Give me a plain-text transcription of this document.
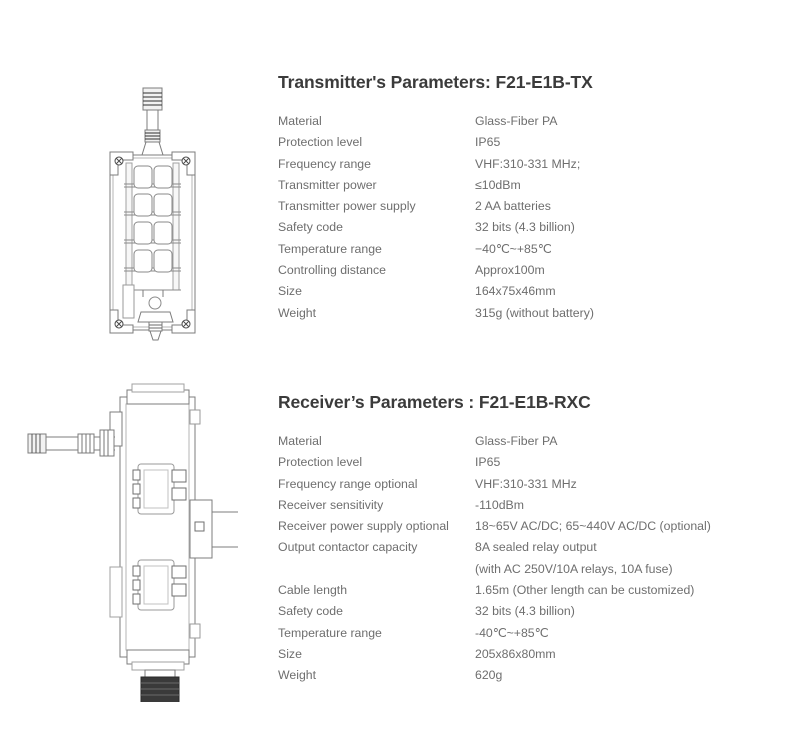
Transmitter's Parameters: F21-E1B-TX
Material	Glass-Fiber PA
Protection level	IP65
Frequency range	VHF:310-331 MHz;
Transmitter power	≤10dBm
Transmitter power supply	2 AA batteries
Safety code	32 bits (4.3 billion)
Temperature range	−40℃~+85℃
Controlling distance	Approx100m
Size	164x75x46mm
Weight	315g (without battery)
Receiver’s Parameters : F21-E1B-RXC
Material	Glass-Fiber PA
Protection level	IP65
Frequency range optional	VHF:310-331 MHz
Receiver sensitivity	-110dBm
Receiver power supply optional	18~65V AC/DC; 65~440V AC/DC (optional)
Output contactor capacity	8A sealed relay output
	(with AC 250V/10A relays, 10A fuse)
Cable length	1.65m (Other length can be customized)
Safety code	32 bits (4.3 billion)
Temperature range	-40℃~+85℃
Size	205x86x80mm
Weight	620g
